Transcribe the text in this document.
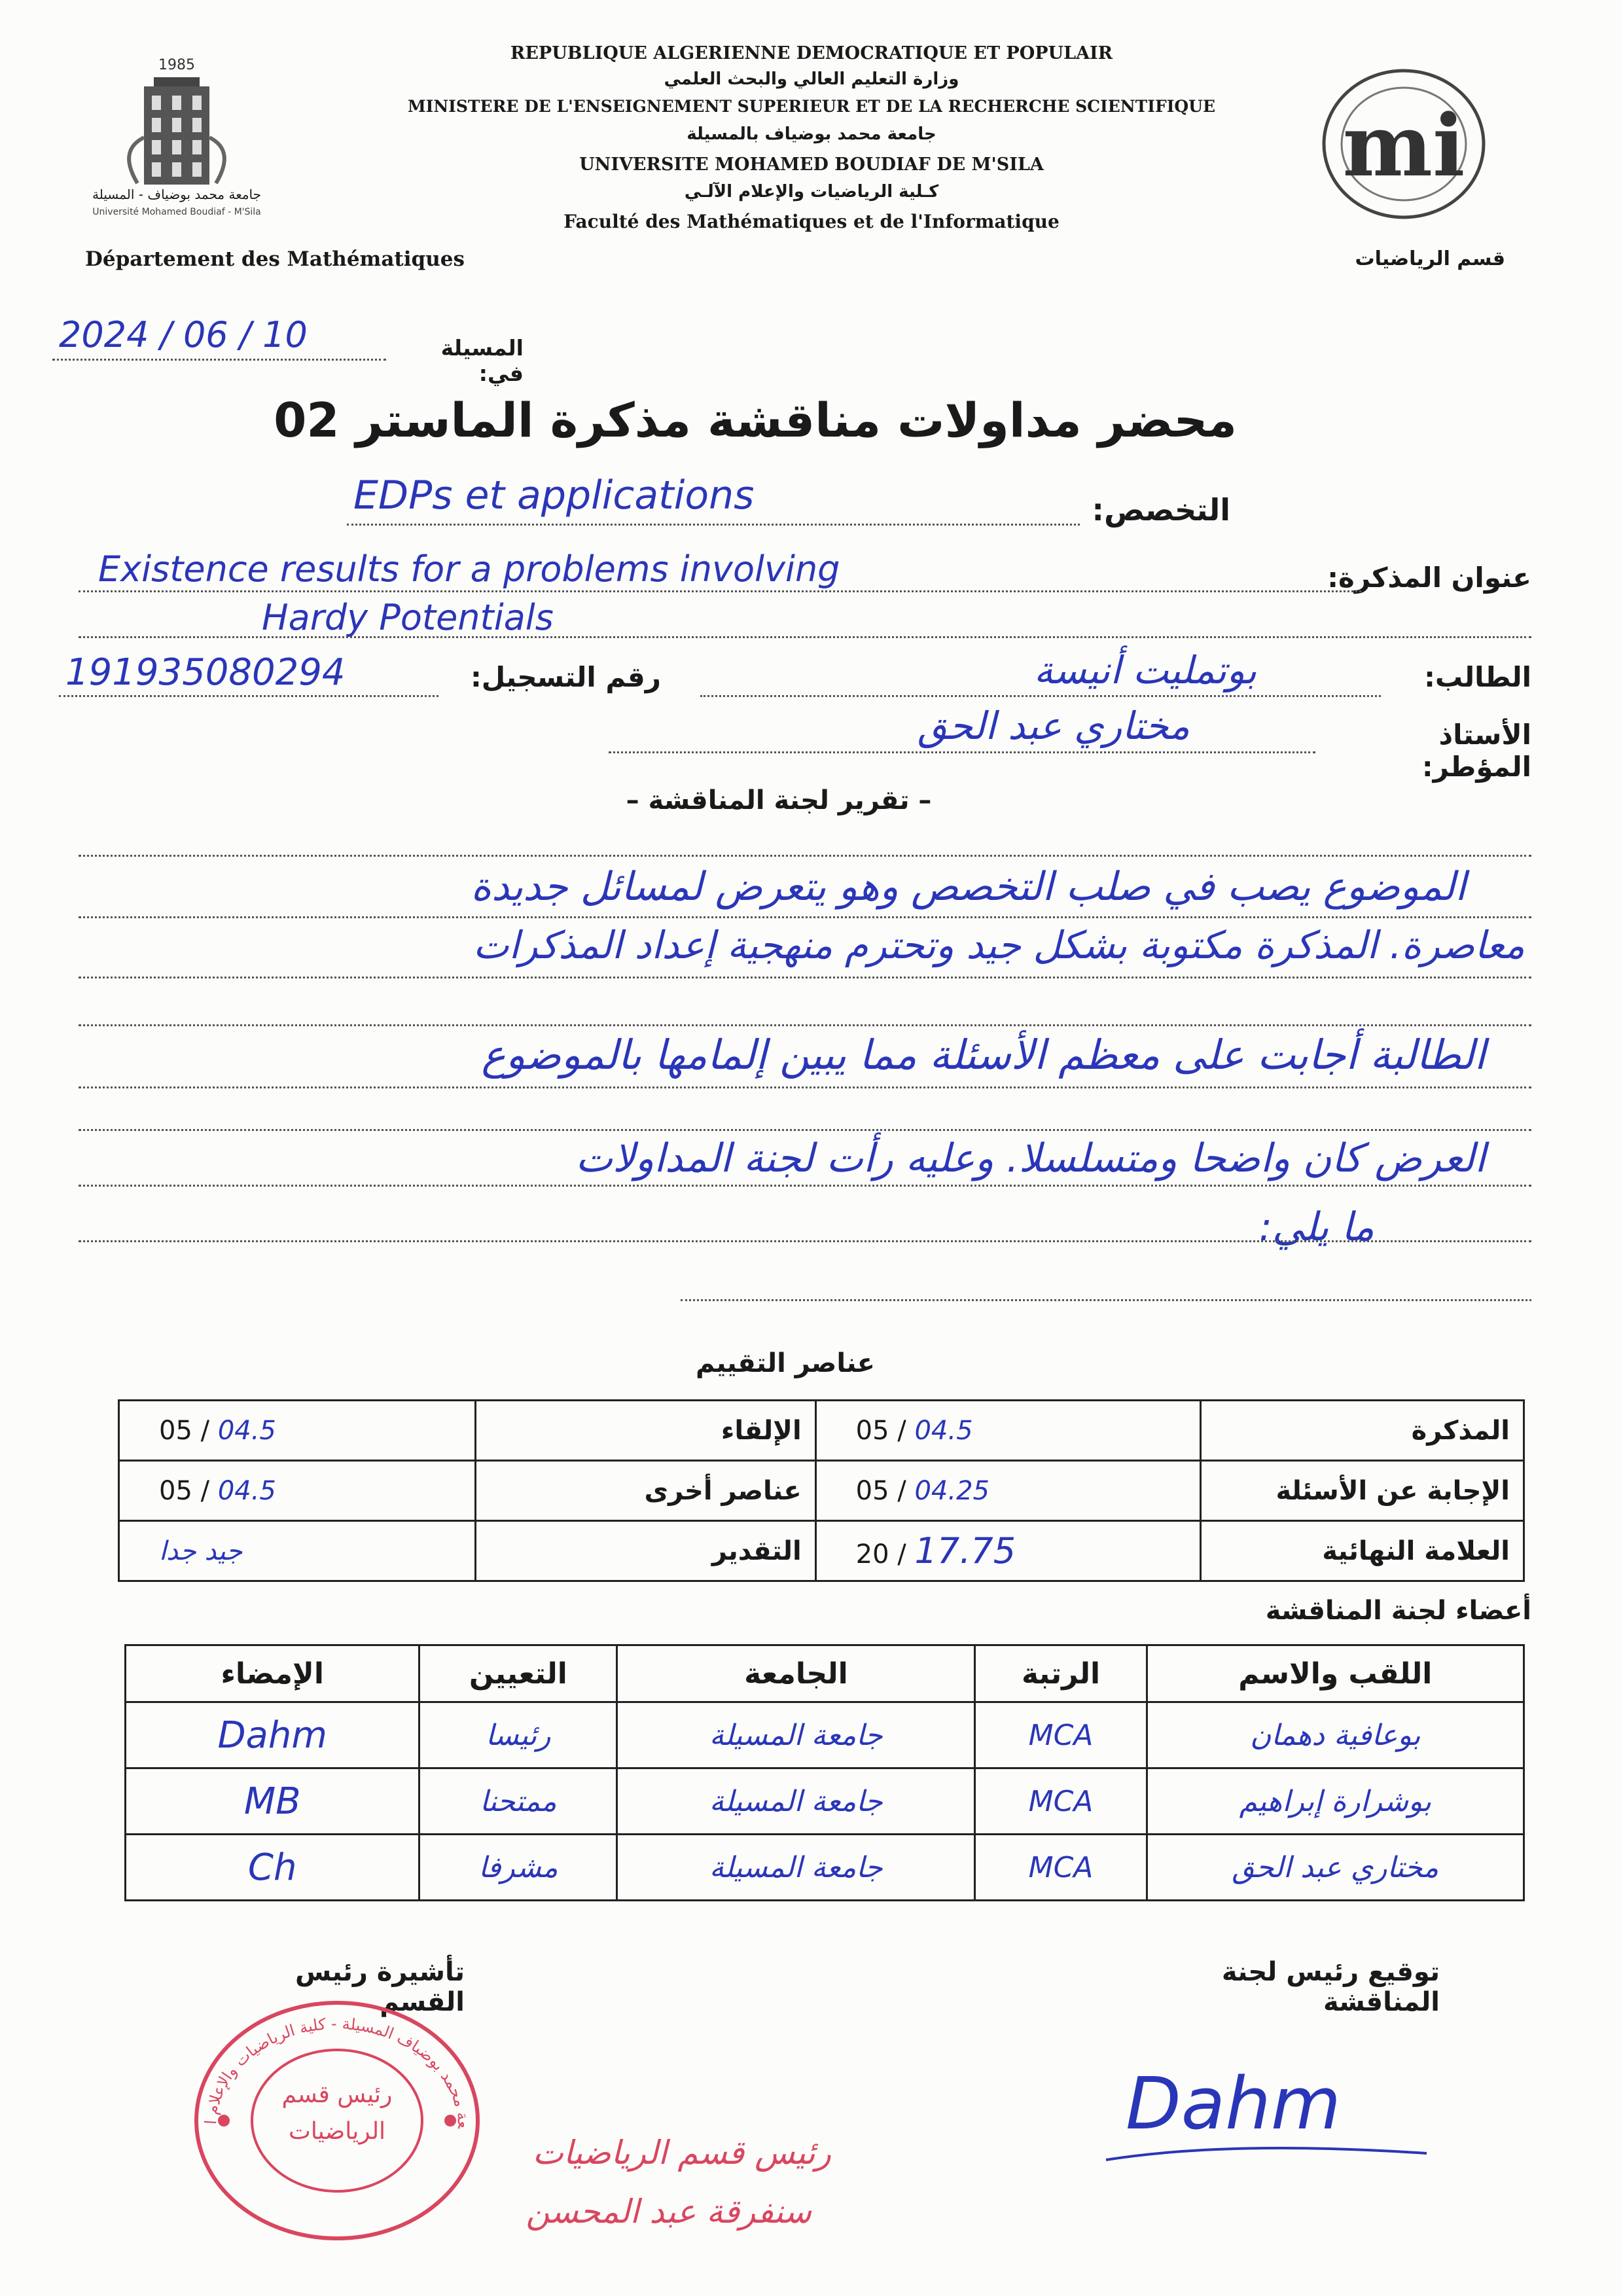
1985
جامعة محمد بوضياف - المسيلة
Université Mohamed Boudiaf - M'Sila
REPUBLIQUE ALGERIENNE DEMOCRATIQUE ET POPULAIR
وزارة التعليم العالي والبحث العلمي
MINISTERE DE L'ENSEIGNEMENT SUPERIEUR ET DE LA RECHERCHE SCIENTIFIQUE
جامعة محمد بوضياف بالمسيلة
UNIVERSITE MOHAMED BOUDIAF DE M'SILA
كـلية الرياضيات والإعلام الآلـي
Faculté des Mathématiques et de l'Informatique
mi
Département des Mathématiques	قسم الرياضيات
المسيلة في:
2024 / 06 / 10
محضر مداولات مناقشة مذكرة الماستر 02
التخصص:
EDPs et applications
عنوان المذكرة:
Existence results for a problems involving
Hardy Potentials
الطالب:
بوتمليت أنيسة
رقم التسجيل:
191935080294
الأستاذ المؤطر:
مختاري عبد الحق
– تقرير لجنة المناقشة –
الموضوع يصب في صلب التخصص وهو يتعرض لمسائل جديدة
معاصرة. المذكرة مكتوبة بشكل جيد وتحترم منهجية إعداد المذكرات
الطالبة أجابت على معظم الأسئلة مما يبين إلمامها بالموضوع
العرض كان واضحا ومتسلسلا. وعليه رأت لجنة المداولات
ما يلي:
عناصر التقييم
05 / 04.5	الإلقاء	05 / 04.5	المذكرة
05 / 04.5	عناصر أخرى	05 / 04.25	الإجابة عن الأسئلة
جيد جدا	التقدير	20 / 17.75	العلامة النهائية
أعضاء لجنة المناقشة
اللقب والاسم	الرتبة	الجامعة	التعيين	الإمضاء
بوعافية دهمان	MCA	جامعة المسيلة	رئيسا	Dahm
بوشرارة إبراهيم	MCA	جامعة المسيلة	ممتحنا	MB
مختاري عبد الحق	MCA	جامعة المسيلة	مشرفا	Ch
تأشيرة رئيس القسم
توقيع رئيس لجنة المناقشة
عة محمد بوضياف المسيلة - كلية الرياضيات والإعلام ا
رئيس قسم
الرياضيات
رئيس قسم الرياضيات
سنفرقة عبد المحسن
Dahm
